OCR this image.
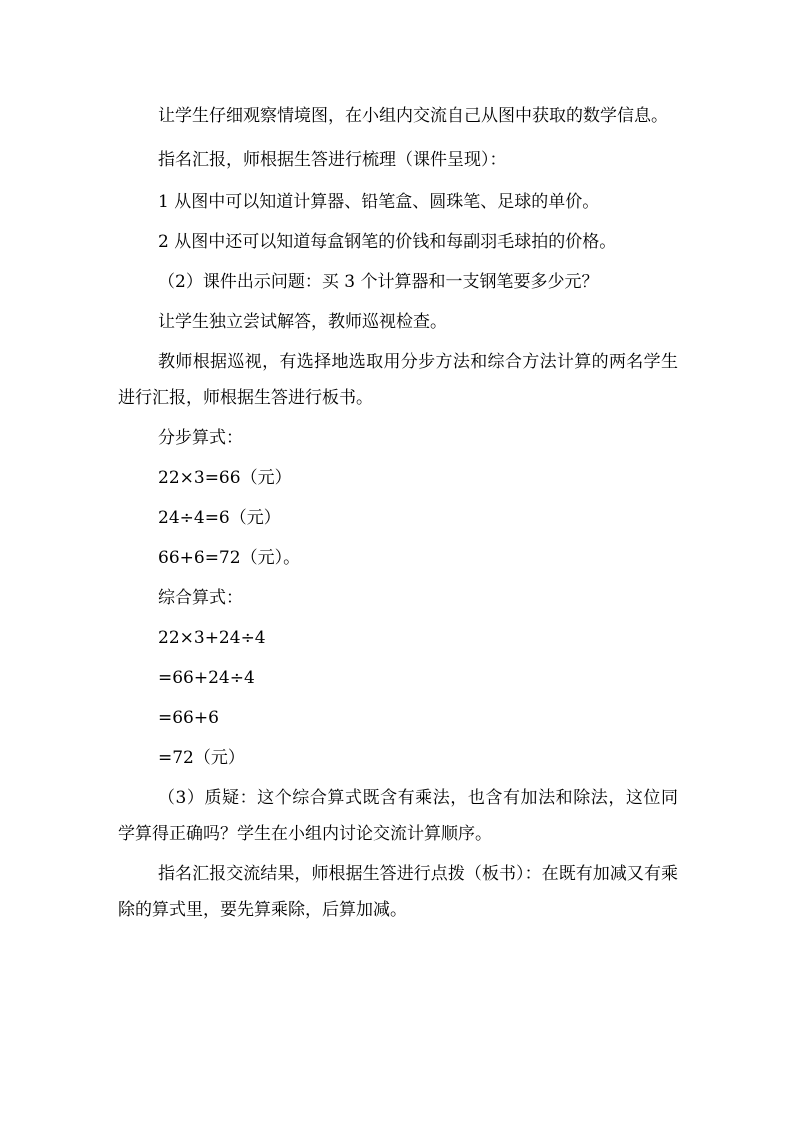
让学生仔细观察情境图，在小组内交流自己从图中获取的数学信息。

指名汇报，师根据生答进行梳理（课件呈现）：

1 从图中可以知道计算器、铅笔盒、圆珠笔、足球的单价。

2 从图中还可以知道每盒钢笔的价钱和每副羽毛球拍的价格。

（2）课件出示问题：买 3 个计算器和一支钢笔要多少元？

让学生独立尝试解答，教师巡视检查。

教师根据巡视，有选择地选取用分步方法和综合方法计算的两名学生进行汇报，师根据生答进行板书。

分步算式：

22×3=66（元）

24÷4=6（元）

66+6=72（元）。

综合算式：

22×3+24÷4

=66+24÷4

=66+6

=72（元）

（3）质疑：这个综合算式既含有乘法，也含有加法和除法，这位同学算得正确吗？学生在小组内讨论交流计算顺序。

指名汇报交流结果，师根据生答进行点拨（板书）：在既有加减又有乘除的算式里，要先算乘除，后算加减。
